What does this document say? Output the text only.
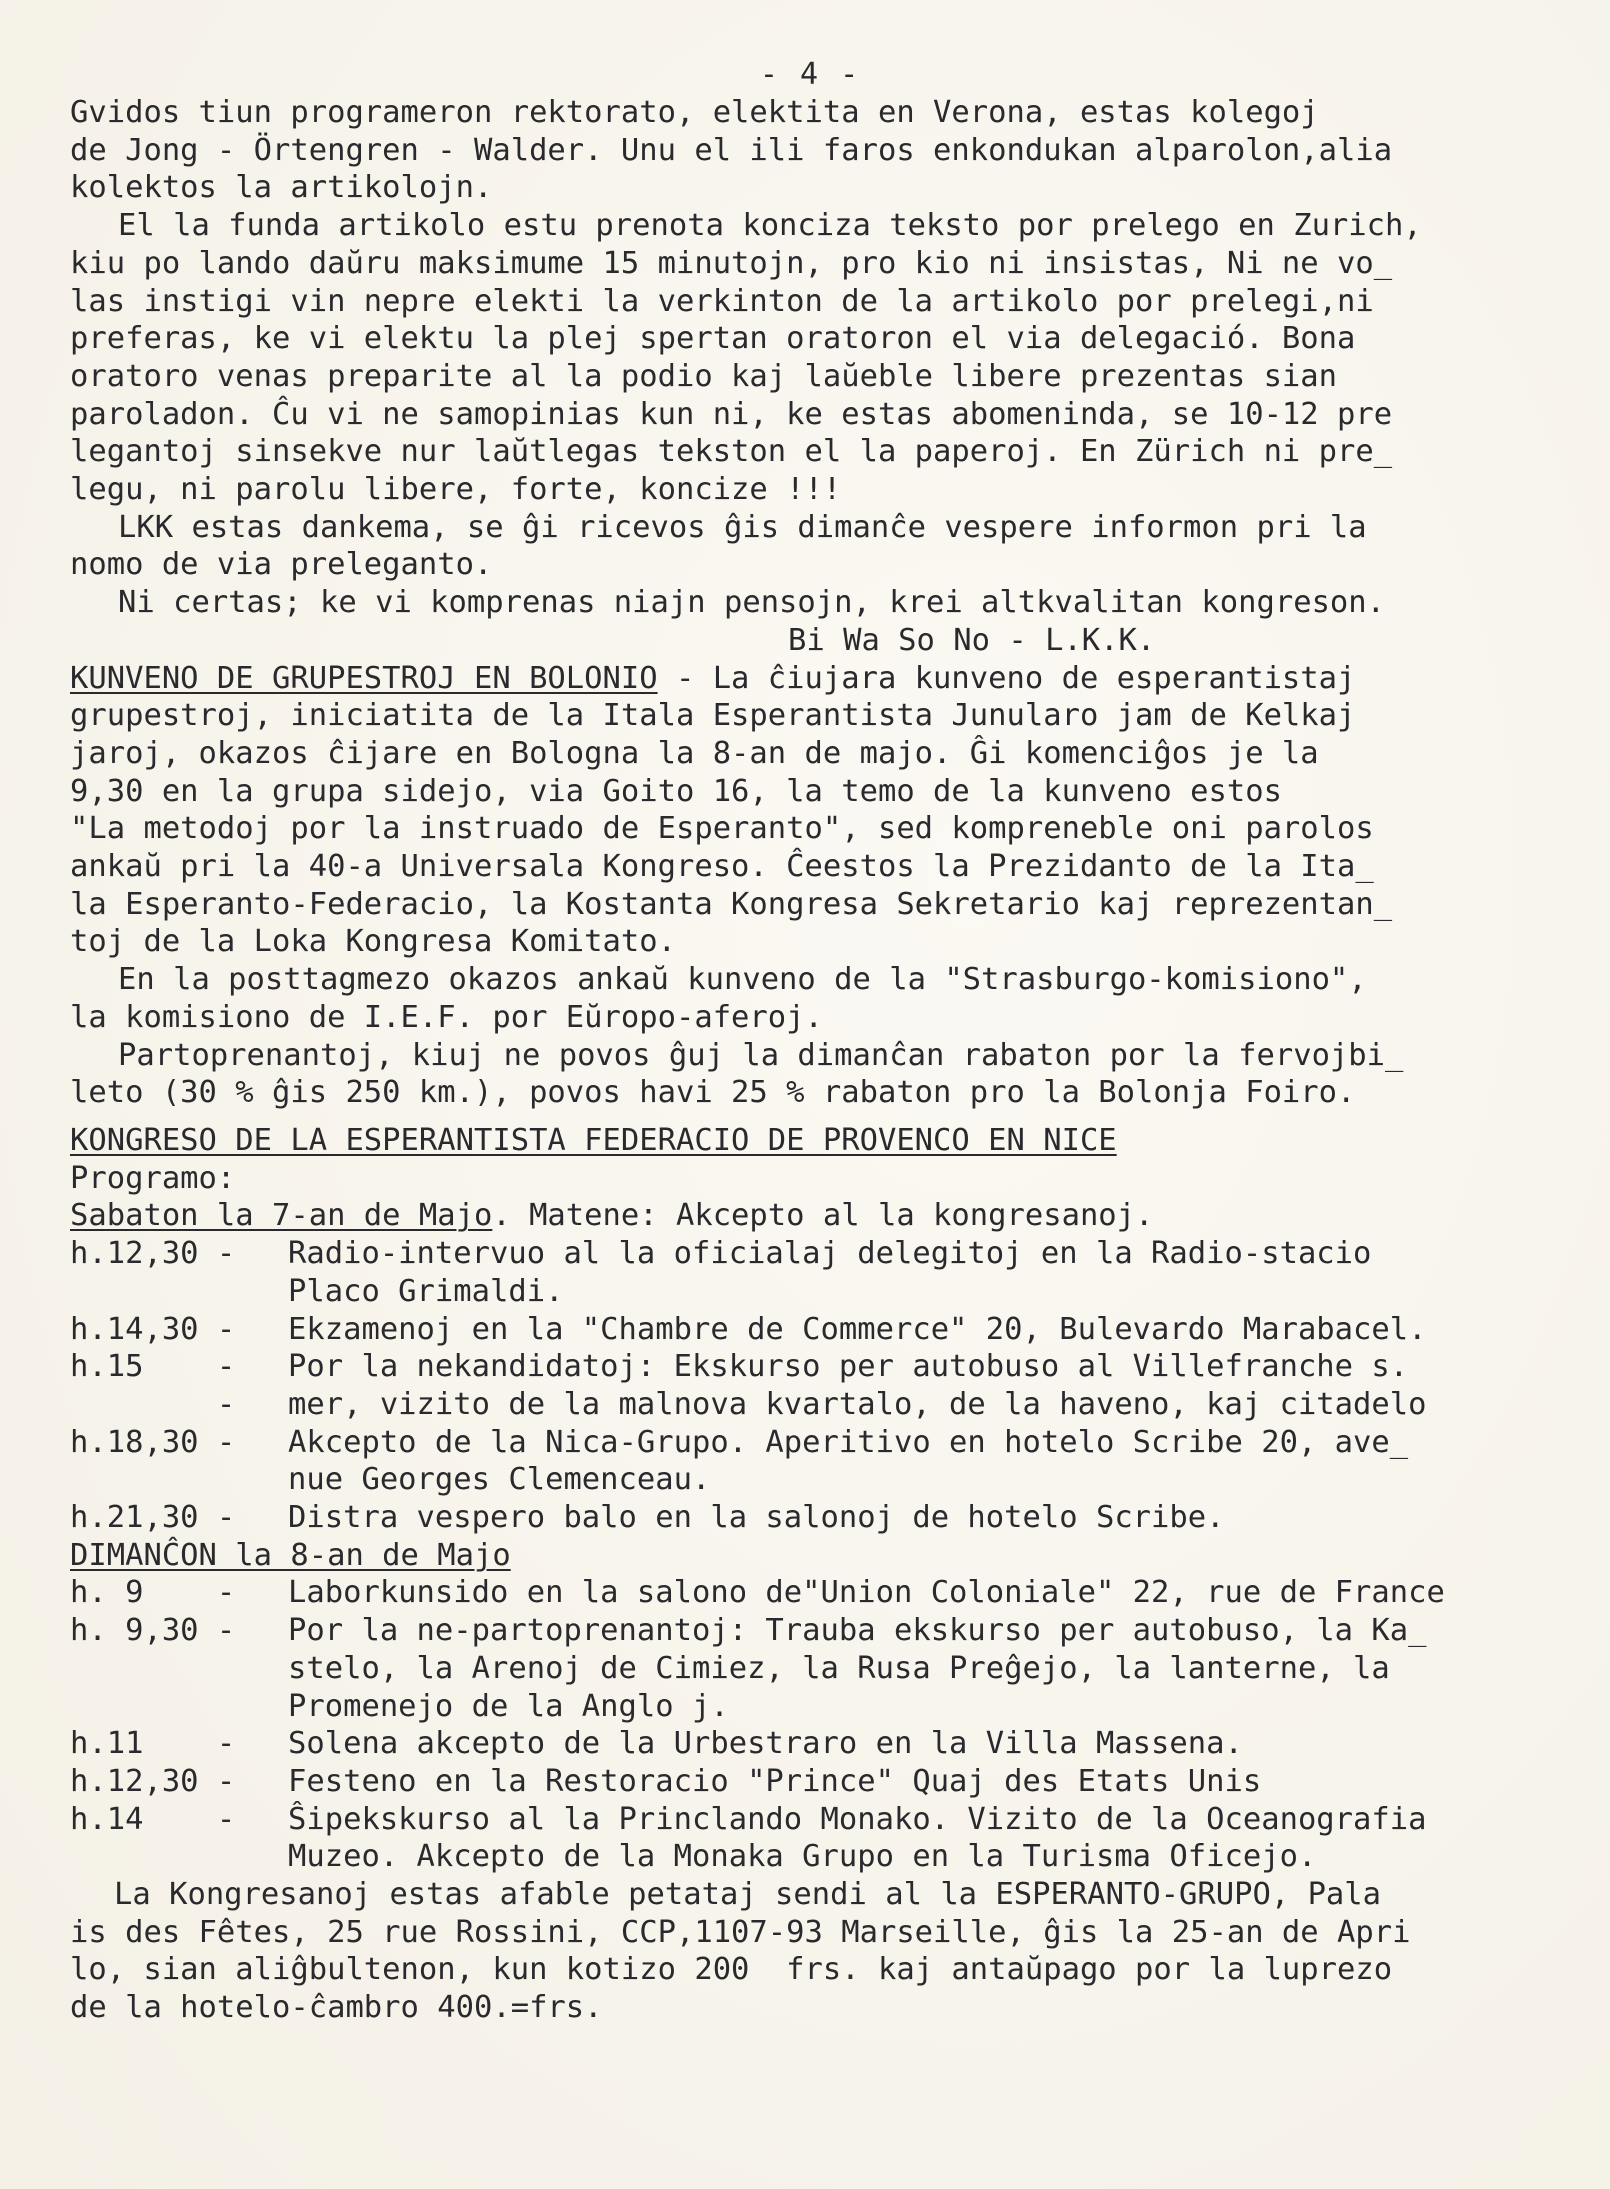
- 4 -

Gvidos tiun programeron rektorato, elektita en Verona, estas kolegoj

de Jong - Örtengren - Walder. Unu el ili faros enkondukan alparolon,alia

kolektos la artikolojn.

El la funda artikolo estu prenota konciza teksto por prelego en Zurich,

kiu po lando daŭru maksimume 15 minutojn, pro kio ni insistas, Ni ne vo_

las instigi vin nepre elekti la verkinton de la artikolo por prelegi,ni

preferas, ke vi elektu la plej spertan oratoron el via delegació. Bona

oratoro venas preparite al la podio kaj laŭeble libere prezentas sian

paroladon. Ĉu vi ne samopinias kun ni, ke estas abomeninda, se 10-12 pre

legantoj sinsekve nur laŭtlegas tekston el la paperoj. En Zürich ni pre_

legu, ni parolu libere, forte, koncize !!!

LKK estas dankema, se ĝi ricevos ĝis dimanĉe vespere informon pri la

nomo de via preleganto.

Ni certas; ke vi komprenas niajn pensojn, krei altkvalitan kongreson.

Bi Wa So No - L.K.K.

KUNVENO DE GRUPESTROJ EN BOLONIO - La ĉiujara kunveno de esperantistaj

grupestroj, iniciatita de la Itala Esperantista Junularo jam de Kelkaj

jaroj, okazos ĉijare en Bologna la 8-an de majo. Ĝi komenciĝos je la

9,30 en la grupa sidejo, via Goito 16, la temo de la kunveno estos

"La metodoj por la instruado de Esperanto", sed kompreneble oni parolos

ankaŭ pri la 40-a Universala Kongreso. Ĉeestos la Prezidanto de la Ita_

la Esperanto-Federacio, la Kostanta Kongresa Sekretario kaj reprezentan_

toj de la Loka Kongresa Komitato.

En la posttagmezo okazos ankaŭ kunveno de la "Strasburgo-komisiono",

la komisiono de I.E.F. por Eŭropo-aferoj.

Partoprenantoj, kiuj ne povos ĝuj la dimanĉan rabaton por la fervojbi_

leto (30 % ĝis 250 km.), povos havi 25 % rabaton pro la Bolonja Foiro.

KONGRESO DE LA ESPERANTISTA FEDERACIO DE PROVENCO EN NICE

Programo:

Sabaton la 7-an de Majo. Matene: Akcepto al la kongresanoj.

h.12,30 -	Radio-intervuo al la oficialaj delegitoj en la Radio-stacio

Placo Grimaldi.

h.14,30 -	Ekzamenoj en la "Chambre de Commerce" 20, Bulevardo Marabacel.
h.15    -	Por la nekandidatoj: Ekskurso per autobuso al Villefranche s.
-	mer, vizito de la malnova kvartalo, de la haveno, kaj citadelo
h.18,30 -	Akcepto de la Nica-Grupo. Aperitivo en hotelo Scribe 20, ave_

nue Georges Clemenceau.

h.21,30 -	Distra vespero balo en la salonoj de hotelo Scribe.

DIMANĈON la 8-an de Majo

h. 9    -	Laborkunsido en la salono de"Union Coloniale" 22, rue de France
h. 9,30 -	Por la ne-partoprenantoj: Trauba ekskurso per autobuso, la Ka_

stelo, la Arenoj de Cimiez, la Rusa Preĝejo, la lanterne, la

Promenejo de la Anglo j.

h.11    -	Solena akcepto de la Urbestraro en la Villa Massena.
h.12,30 -	Festeno en la Restoracio "Prince" Quaj des Etats Unis
h.14    -	Ŝipekskurso al la Princlando Monako. Vizito de la Oceanografia

Muzeo. Akcepto de la Monaka Grupo en la Turisma Oficejo.

La Kongresanoj estas afable petataj sendi al la ESPERANTO-GRUPO, Pala

is des Fêtes, 25 rue Rossini, CCP,1107-93 Marseille, ĝis la 25-an de Apri

lo, sian aliĝbultenon, kun kotizo 200  frs. kaj antaŭpago por la luprezo

de la hotelo-ĉambro 400.=frs.
